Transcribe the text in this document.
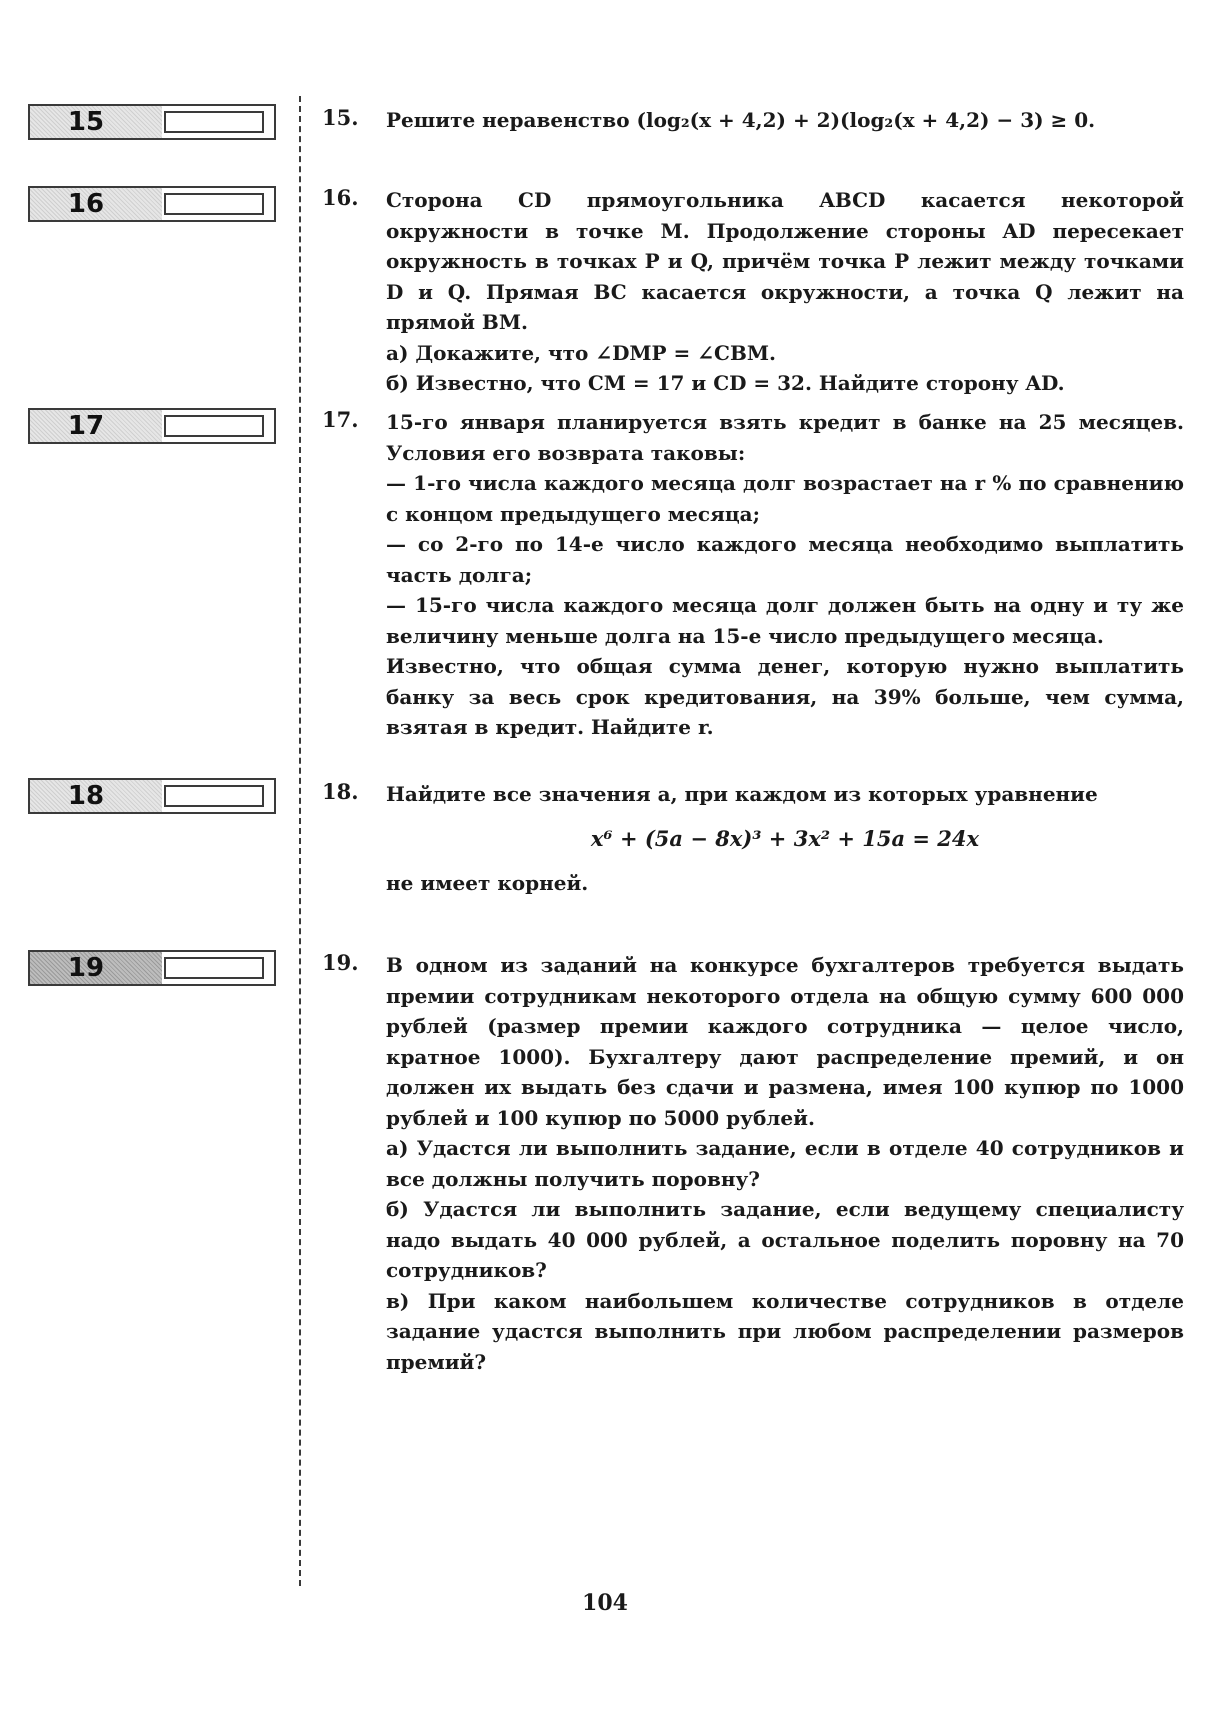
15
16
17
18
19
15. Решите неравенство (log₂(x + 4,2) + 2)(log₂(x + 4,2) − 3) ≥ 0.

16. Сторона CD прямоугольника ABCD касается некоторой окружности в точке M. Продолжение стороны AD пересекает окружность в точках P и Q, причём точка P лежит между точками D и Q. Прямая BC касается окружности, а точка Q лежит на прямой BM.

а) Докажите, что ∠DMP = ∠CBM.

б) Известно, что CM = 17 и CD = 32. Найдите сторону AD.

17. 15-го января планируется взять кредит в банке на 25 месяцев. Условия его возврата таковы:

— 1-го числа каждого месяца долг возрастает на r % по сравнению с концом предыдущего месяца;

— со 2-го по 14-е число каждого месяца необходимо выплатить часть долга;

— 15-го числа каждого месяца долг должен быть на одну и ту же величину меньше долга на 15-е число предыдущего месяца.

Известно, что общая сумма денег, которую нужно выплатить банку за весь срок кредитования, на 39% больше, чем сумма, взятая в кредит. Найдите r.

18. Найдите все значения a, при каждом из которых уравнение

x⁶ + (5a − 8x)³ + 3x² + 15a = 24x

не имеет корней.

19. В одном из заданий на конкурсе бухгалтеров требуется выдать премии сотрудникам некоторого отдела на общую сумму 600 000 рублей (размер премии каждого сотрудника — целое число, кратное 1000). Бухгалтеру дают распределение премий, и он должен их выдать без сдачи и размена, имея 100 купюр по 1000 рублей и 100 купюр по 5000 рублей.

а) Удастся ли выполнить задание, если в отделе 40 сотрудников и все должны получить поровну?

б) Удастся ли выполнить задание, если ведущему специалисту надо выдать 40 000 рублей, а остальное поделить поровну на 70 сотрудников?

в) При каком наибольшем количестве сотрудников в отделе задание удастся выполнить при любом распределении размеров премий?

104
